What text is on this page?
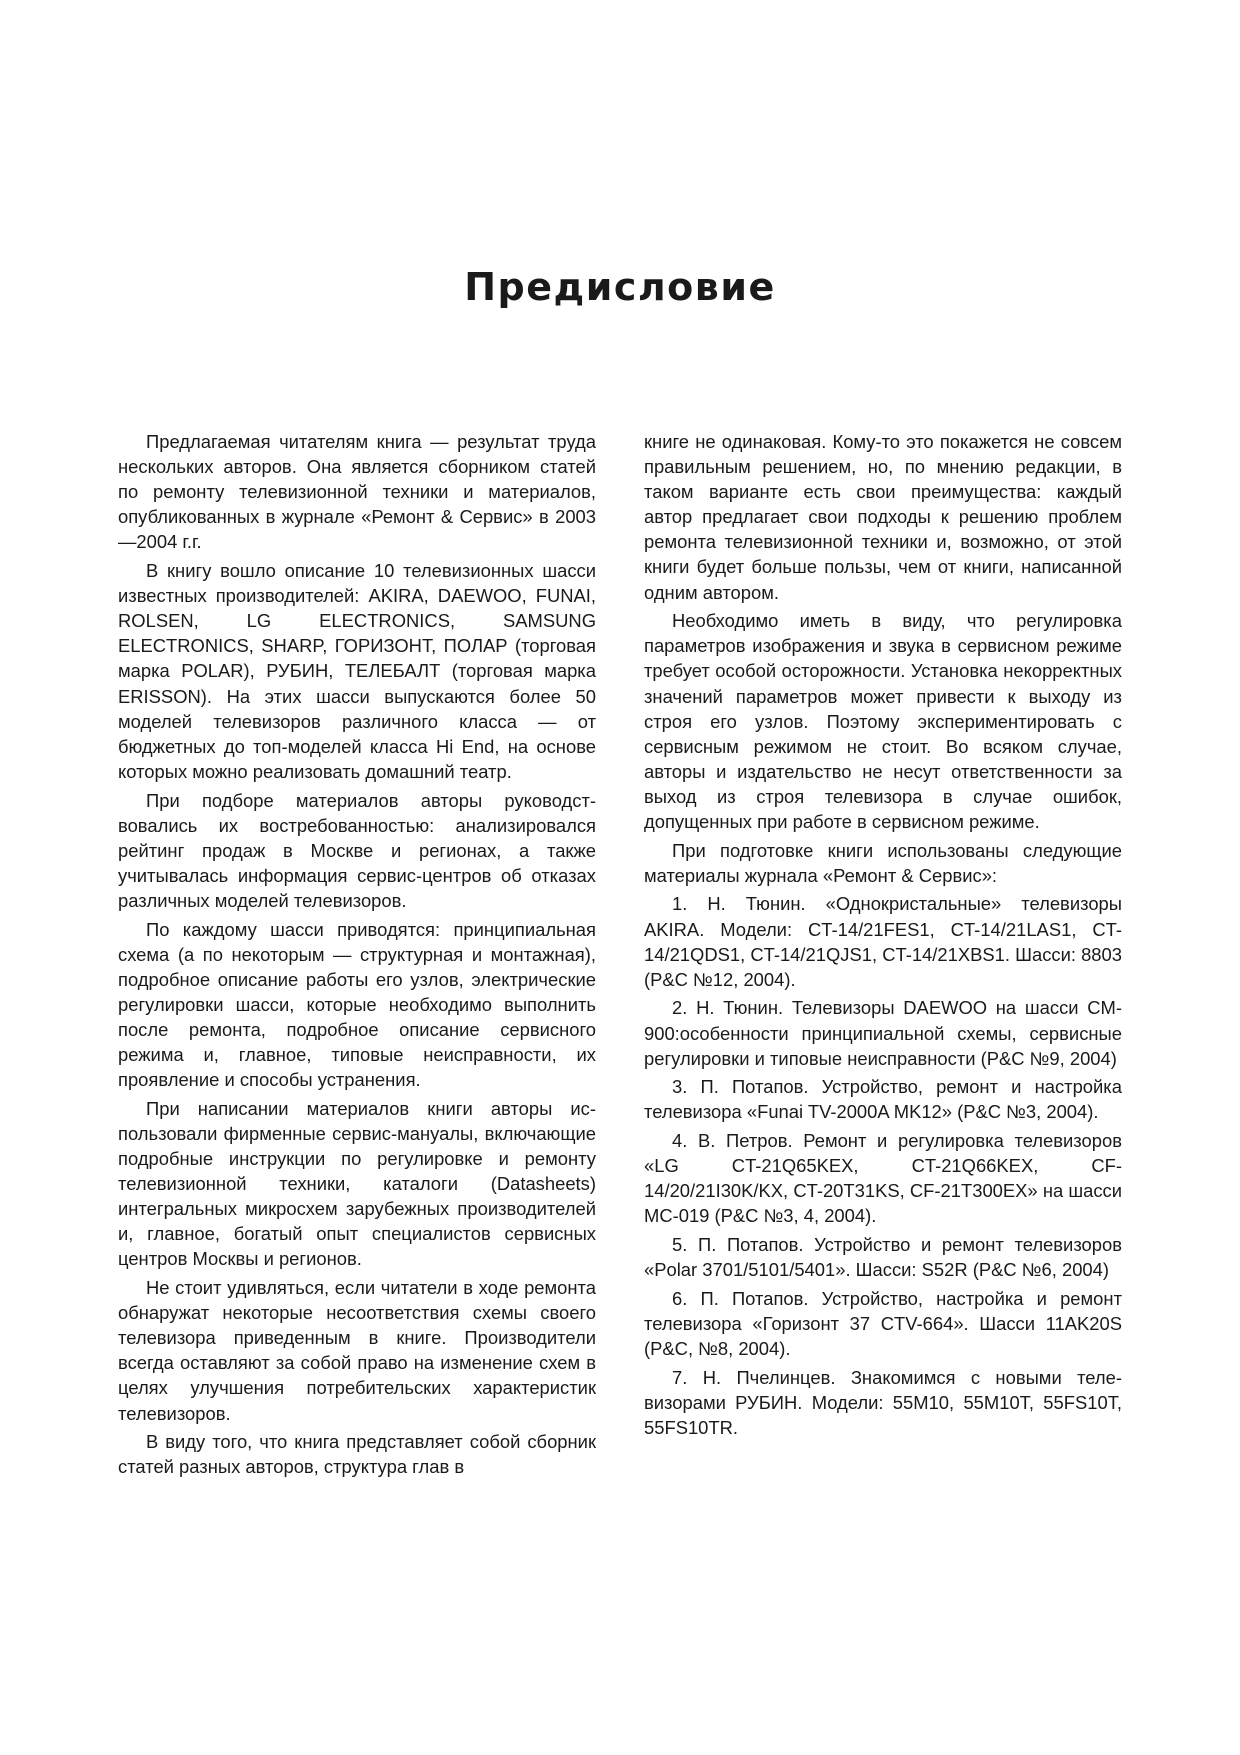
Предисловие

Предлагаемая читателям книга — результат труда нескольких авторов. Она является сборником статей по ремонту телевизионной техники и материалов, опубликованных в журнале «Ремонт & Сервис» в 2003—2004 г.г.

В книгу вошло описание 10 телевизионных шасси известных производителей: AKIRA, DAEWOO, FUNAI, ROLSEN, LG ELECTRONICS, SAMSUNG ELECTRONICS, SHARP, ГОРИЗОНТ, ПОЛАР (торговая марка POLAR), РУБИН, ТЕЛЕБАЛТ (торговая марка ERISSON). На этих шасси выпускаются более 50 моделей телевизоров различного класса — от бюджетных до топ-моделей класса Hi End, на основе которых можно реализовать домашний театр.

При подборе материалов авторы руководствовались их востребованностью: анализировался рейтинг продаж в Москве и регионах, а также учитывалась информация сервис-центров об отказах различных моделей телевизоров.

По каждому шасси приводятся: принципиальная схема (а по некоторым — структурная и монтажная), подробное описание работы его узлов, электрические регулировки шасси, которые необходимо выполнить после ремонта, подробное описание сервисного режима и, главное, типовые неисправности, их проявление и способы устранения.

При написании материалов книги авторы использовали фирменные сервис-мануалы, включающие подробные инструкции по регулировке и ремонту телевизионной техники, каталоги (Datasheets) интегральных микросхем зарубежных производителей и, главное, богатый опыт специалистов сервисных центров Москвы и регионов.

Не стоит удивляться, если читатели в ходе ремонта обнаружат некоторые несоответствия схемы своего телевизора приведенным в книге. Производители всегда оставляют за собой право на изменение схем в целях улучшения потребительских характеристик телевизоров.

В виду того, что книга представляет собой сборник статей разных авторов, структура глав в

книге не одинаковая. Кому-то это покажется не совсем правильным решением, но, по мнению редакции, в таком варианте есть свои преимущества: каждый автор предлагает свои подходы к решению проблем ремонта телевизионной техники и, возможно, от этой книги будет больше пользы, чем от книги, написанной одним автором.

Необходимо иметь в виду, что регулировка параметров изображения и звука в сервисном режиме требует особой осторожности. Установка некорректных значений параметров может привести к выходу из строя его узлов. Поэтому экспериментировать с сервисным режимом не стоит. Во всяком случае, авторы и издательство не несут ответственности за выход из строя телевизора в случае ошибок, допущенных при работе в сервисном режиме.

При подготовке книги использованы следующие материалы журнала «Ремонт & Сервис»:

1. Н. Тюнин. «Однокристальные» телевизоры AKIRA. Модели: CT-14/21FES1, CT-14/21LAS1, CT-14/21QDS1, CT-14/21QJS1, CT-14/21XBS1. Шасси: 8803 (Р&С №12, 2004).

2. Н. Тюнин. Телевизоры DAEWOO на шасси CM-900:особенности принципиальной схемы, сервисные регулировки и типовые неисправности (Р&С №9, 2004)

3. П. Потапов. Устройство, ремонт и настройка телевизора «Funai TV-2000A MK12» (Р&С №3, 2004).

4. В. Петров. Ремонт и регулировка телевизоров «LG CT-21Q65KEX, CT-21Q66KEX, CF-14/20/21I30K/KX, CT-20T31KS, CF-21T300EX» на шасси MC-019 (Р&С №3, 4, 2004).

5. П. Потапов. Устройство и ремонт телевизоров «Polar 3701/5101/5401». Шасси: S52R (Р&С №6, 2004)

6. П. Потапов. Устройство, настройка и ремонт телевизора «Горизонт 37 CTV-664». Шасси 11AK20S (Р&С, №8, 2004).

7. Н. Пчелинцев. Знакомимся с новыми телевизорами РУБИН. Модели: 55M10, 55M10T, 55FS10T, 55FS10TR.
